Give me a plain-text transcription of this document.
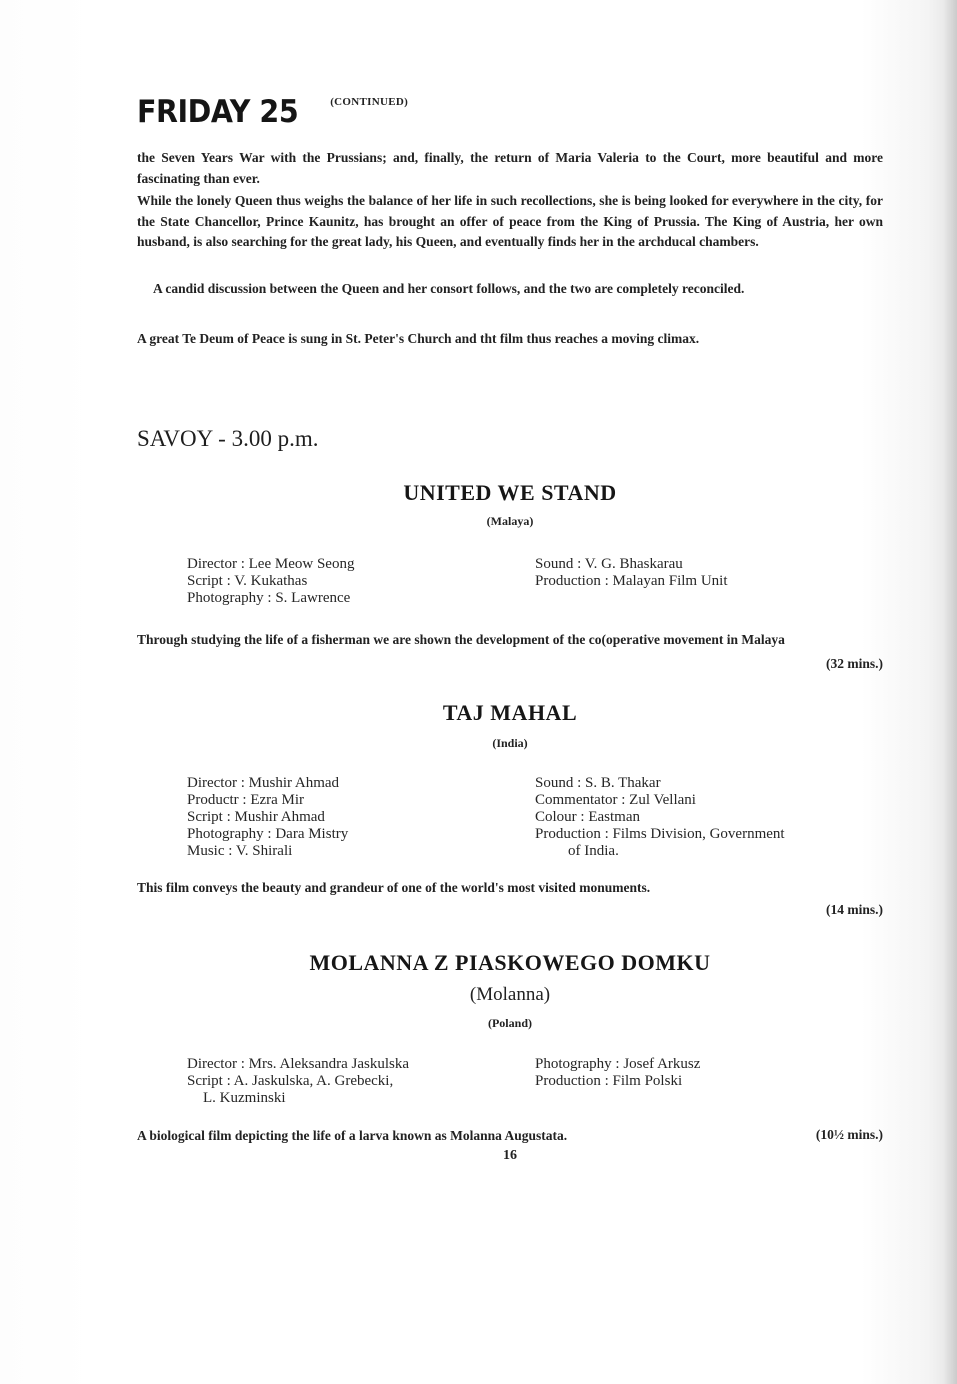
FRIDAY 25	(CONTINUED)

the Seven Years War with the Prussians; and, finally, the return of Maria Valeria to the Court, more beautiful and more fascinating than ever.

While the lonely Queen thus weighs the balance of her life in such recollections, she is being looked for everywhere in the city, for the State Chancellor, Prince Kaunitz, has brought an offer of peace from the King of Prussia. The King of Austria, her own husband, is also searching for the great lady, his Queen, and eventually finds her in the archducal chambers.

A candid discussion between the Queen and her consort follows, and the two are completely reconciled.

A great Te Deum of Peace is sung in St. Peter's Church and tht film thus reaches a moving climax.

SAVOY - 3.00 p.m.
UNITED WE STAND
(Malaya)
Director : Lee Meow Seong
Script : V. Kukathas
Photography : S. Lawrence
Sound : V. G. Bhaskarau
Production : Malayan Film Unit

Through studying the life of a fisherman we are shown the development of the co(operative movement in Malaya

(32 mins.)
TAJ MAHAL
(India)
Director : Mushir Ahmad
Productr : Ezra Mir
Script : Mushir Ahmad
Photography : Dara Mistry
Music : V. Shirali
Sound : S. B. Thakar
Commentator : Zul Vellani
Colour : Eastman
Production : Films Division, Government
of India.

This film conveys the beauty and grandeur of one of the world's most visited monuments.

(14 mins.)
MOLANNA Z PIASKOWEGO DOMKU
(Molanna)
(Poland)
Director : Mrs. Aleksandra Jaskulska
Script : A. Jaskulska, A. Grebecki,
L. Kuzminski
Photography : Josef Arkusz
Production : Film Polski

A biological film depicting the life of a larva known as Molanna Augustata.	(10½ mins.)
16
